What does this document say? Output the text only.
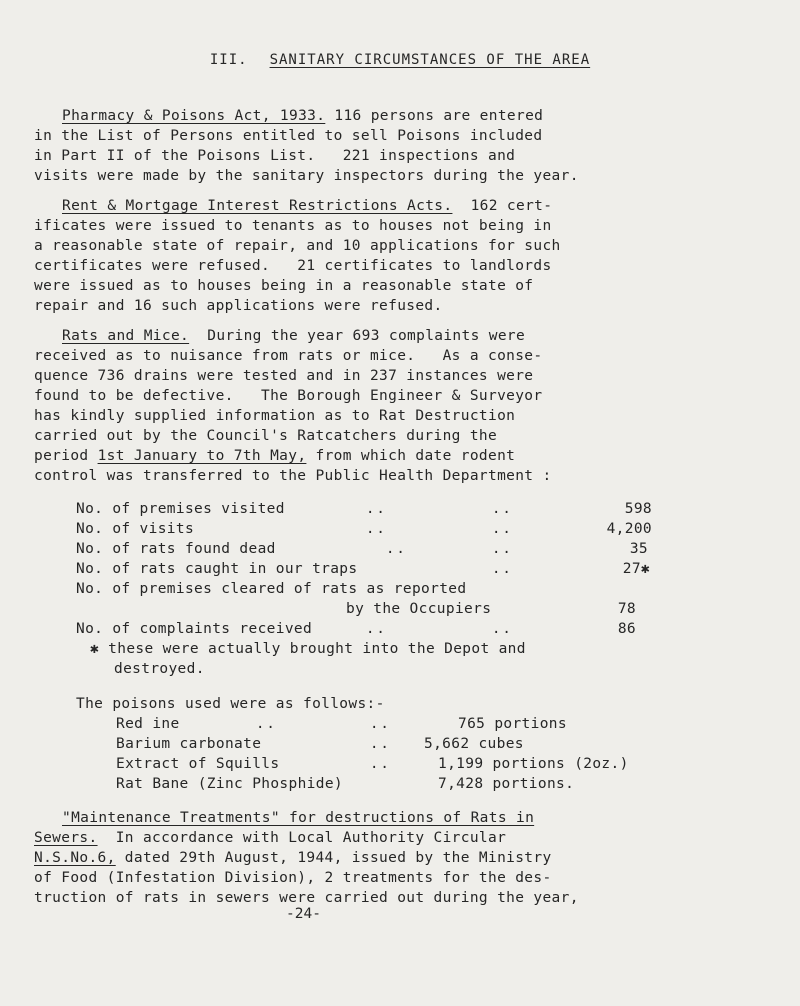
III. SANITARY CIRCUMSTANCES OF THE AREA
Pharmacy & Poisons Act, 1933. 116 persons are entered
in the List of Persons entitled to sell Poisons included
in Part II of the Poisons List.   221 inspections and
visits were made by the sanitary inspectors during the year.
Rent & Mortgage Interest Restrictions Acts.  162 cert-
ificates were issued to tenants as to houses not being in
a reasonable state of repair, and 10 applications for such
certificates were refused.   21 certificates to landlords
were issued as to houses being in a reasonable state of
repair and 16 such applications were refused.
Rats and Mice.  During the year 693 complaints were
received as to nuisance from rats or mice.   As a conse-
quence 736 drains were tested and in 237 instances were
found to be defective.   The Borough Engineer & Surveyor
has kindly supplied information as to Rat Destruction
carried out by the Council's Ratcatchers during the
period 1st January to 7th May, from which date rodent
control was transferred to the Public Health Department :
No. of premises visited	..	..	598
No. of visits	..	..	4,200
No. of rats found dead	..	..	35
No. of rats caught in our traps	..	27✱
No. of premises cleared of rats as reported
by the Occupiers	78
No. of complaints received	..	..	86
✱ these were actually brought into the Depot and
destroyed.
The poisons used were as follows:-
Red ine	..	..	765 portions
Barium carbonate	.. 5,662 cubes
Extract of Squills	..	1,199 portions (2oz.)
Rat Bane (Zinc Phosphide)	7,428 portions.
"Maintenance Treatments" for destructions of Rats in
Sewers.  In accordance with Local Authority Circular
N.S.No.6, dated 29th August, 1944, issued by the Ministry
of Food (Infestation Division), 2 treatments for the des-
truction of rats in sewers were carried out during the year,
-24-
